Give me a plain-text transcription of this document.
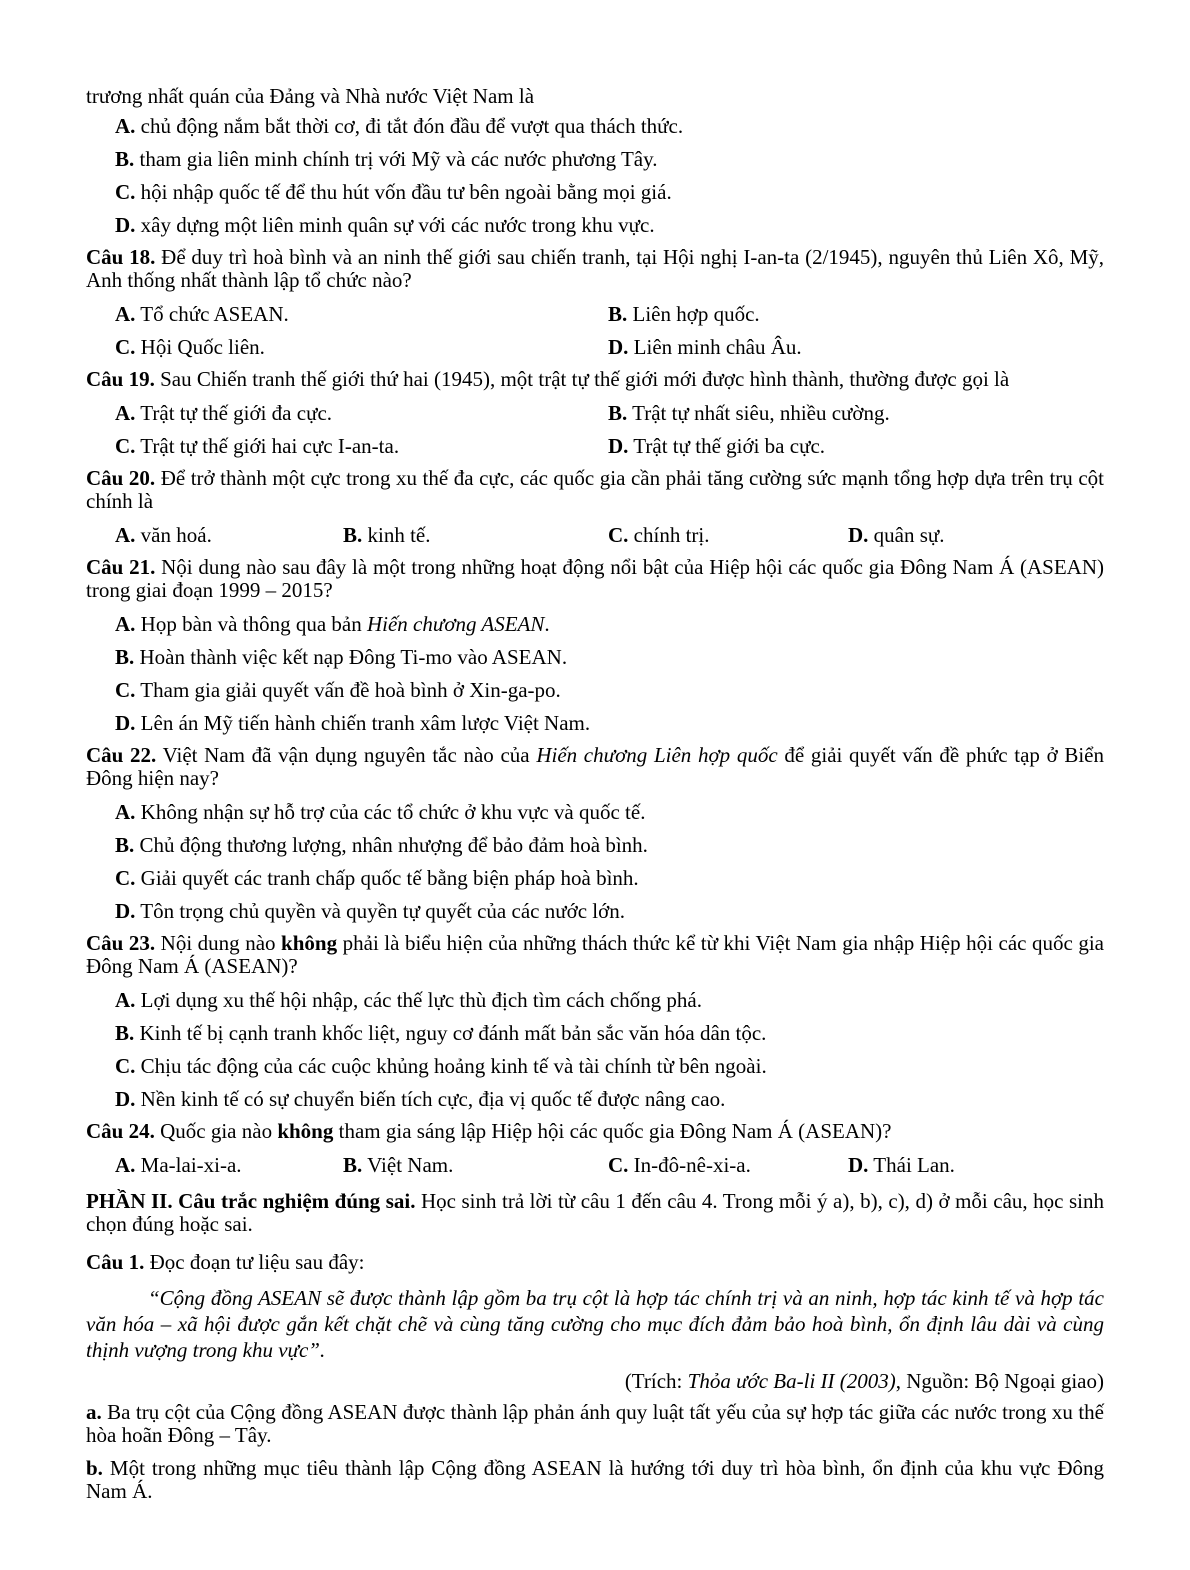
trương nhất quán của Đảng và Nhà nước Việt Nam là
A. chủ động nắm bắt thời cơ, đi tắt đón đầu để vượt qua thách thức.
B. tham gia liên minh chính trị với Mỹ và các nước phương Tây.
C. hội nhập quốc tế để thu hút vốn đầu tư bên ngoài bằng mọi giá.
D. xây dựng một liên minh quân sự với các nước trong khu vực.
Câu 18. Để duy trì hoà bình và an ninh thế giới sau chiến tranh, tại Hội nghị I-an-ta (2/1945), nguyên thủ Liên Xô, Mỹ, Anh thống nhất thành lập tổ chức nào?
A. Tổ chức ASEAN.	B. Liên hợp quốc.
C. Hội Quốc liên.	D. Liên minh châu Âu.
Câu 19. Sau Chiến tranh thế giới thứ hai (1945), một trật tự thế giới mới được hình thành, thường được gọi là
A. Trật tự thế giới đa cực.	B. Trật tự nhất siêu, nhiều cường.
C. Trật tự thế giới hai cực I-an-ta.	D. Trật tự thế giới ba cực.
Câu 20. Để trở thành một cực trong xu thế đa cực, các quốc gia cần phải tăng cường sức mạnh tổng hợp dựa trên trụ cột chính là
A. văn hoá.	B. kinh tế.	C. chính trị.	D. quân sự.
Câu 21. Nội dung nào sau đây là một trong những hoạt động nổi bật của Hiệp hội các quốc gia Đông Nam Á (ASEAN) trong giai đoạn 1999 – 2015?
A. Họp bàn và thông qua bản Hiến chương ASEAN.
B. Hoàn thành việc kết nạp Đông Ti-mo vào ASEAN.
C. Tham gia giải quyết vấn đề hoà bình ở Xin-ga-po.
D. Lên án Mỹ tiến hành chiến tranh xâm lược Việt Nam.
Câu 22. Việt Nam đã vận dụng nguyên tắc nào của Hiến chương Liên hợp quốc để giải quyết vấn đề phức tạp ở Biển Đông hiện nay?
A. Không nhận sự hỗ trợ của các tổ chức ở khu vực và quốc tế.
B. Chủ động thương lượng, nhân nhượng để bảo đảm hoà bình.
C. Giải quyết các tranh chấp quốc tế bằng biện pháp hoà bình.
D. Tôn trọng chủ quyền và quyền tự quyết của các nước lớn.
Câu 23. Nội dung nào không phải là biểu hiện của những thách thức kể từ khi Việt Nam gia nhập Hiệp hội các quốc gia Đông Nam Á (ASEAN)?
A. Lợi dụng xu thế hội nhập, các thế lực thù địch tìm cách chống phá.
B. Kinh tế bị cạnh tranh khốc liệt, nguy cơ đánh mất bản sắc văn hóa dân tộc.
C. Chịu tác động của các cuộc khủng hoảng kinh tế và tài chính từ bên ngoài.
D. Nền kinh tế có sự chuyển biến tích cực, địa vị quốc tế được nâng cao.
Câu 24. Quốc gia nào không tham gia sáng lập Hiệp hội các quốc gia Đông Nam Á (ASEAN)?
A. Ma-lai-xi-a.	B. Việt Nam.	C. In-đô-nê-xi-a.	D. Thái Lan.
PHẦN II. Câu trắc nghiệm đúng sai. Học sinh trả lời từ câu 1 đến câu 4. Trong mỗi ý a), b), c), d) ở mỗi câu, học sinh chọn đúng hoặc sai.
Câu 1. Đọc đoạn tư liệu sau đây:
“Cộng đồng ASEAN sẽ được thành lập gồm ba trụ cột là hợp tác chính trị và an ninh, hợp tác kinh tế và hợp tác văn hóa – xã hội được gắn kết chặt chẽ và cùng tăng cường cho mục đích đảm bảo hoà bình, ổn định lâu dài và cùng thịnh vượng trong khu vực”.
(Trích: Thỏa ước Ba-li II (2003), Nguồn: Bộ Ngoại giao)
a. Ba trụ cột của Cộng đồng ASEAN được thành lập phản ánh quy luật tất yếu của sự hợp tác giữa các nước trong xu thế hòa hoãn Đông – Tây.
b. Một trong những mục tiêu thành lập Cộng đồng ASEAN là hướng tới duy trì hòa bình, ổn định của khu vực Đông Nam Á.
